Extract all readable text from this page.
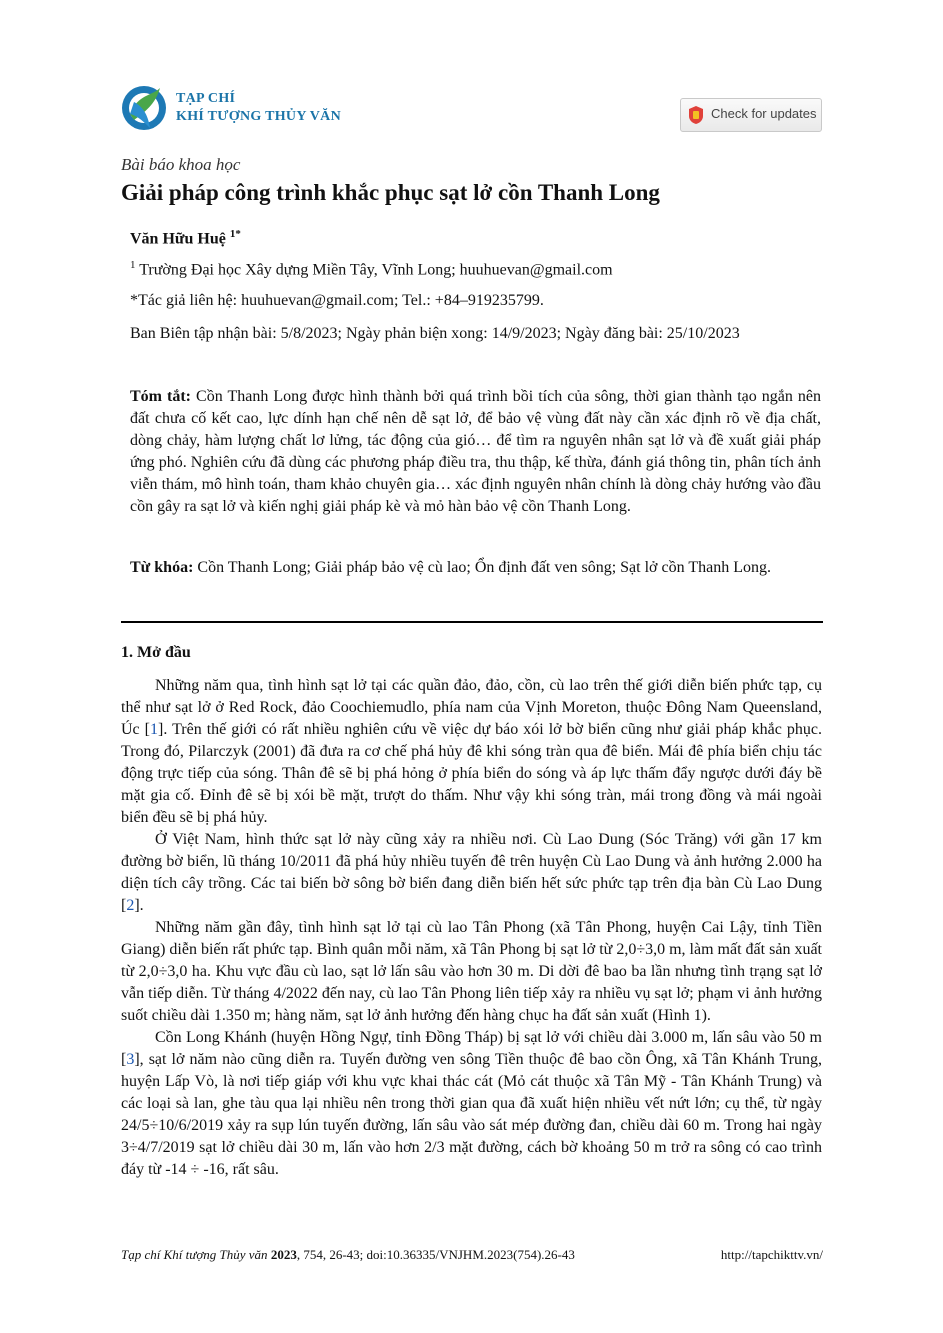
TẠP CHÍ
KHÍ TƯỢNG THỦY VĂN	Check for updates
Bài báo khoa học
Giải pháp công trình khắc phục sạt lở cồn Thanh Long
Văn Hữu Huệ $^{1*}$
$^1$ Trường Đại học Xây dựng Miền Tây, Vĩnh Long; huuhuevan@gmail.com
*Tác giả liên hệ: huuhuevan@gmail.com; Tel.: +84–919235799.
Ban Biên tập nhận bài: 5/8/2023; Ngày phản biện xong: 14/9/2023; Ngày đăng bài: 25/10/2023
Tóm tắt: Cồn Thanh Long được hình thành bởi quá trình bồi tích của sông, thời gian thành tạo ngắn nên đất chưa cố kết cao, lực dính hạn chế nên dễ sạt lở, để bảo vệ vùng đất này cần xác định rõ về địa chất, dòng chảy, hàm lượng chất lơ lửng, tác động của gió… để tìm ra nguyên nhân sạt lở và đề xuất giải pháp ứng phó. Nghiên cứu đã dùng các phương pháp điều tra, thu thập, kế thừa, đánh giá thông tin, phân tích ảnh viễn thám, mô hình toán, tham khảo chuyên gia… xác định nguyên nhân chính là dòng chảy hướng vào đầu cồn gây ra sạt lở và kiến nghị giải pháp kè và mỏ hàn bảo vệ cồn Thanh Long.
Từ khóa: Cồn Thanh Long; Giải pháp bảo vệ cù lao; Ổn định đất ven sông; Sạt lở cồn Thanh Long.
1. Mở đầu

Những năm qua, tình hình sạt lở tại các quần đảo, đảo, cồn, cù lao trên thế giới diễn biến phức tạp, cụ thể như sạt lở ở Red Rock, đảo Coochiemudlo, phía nam của Vịnh Moreton, thuộc Đông Nam Queensland, Úc [1]. Trên thế giới có rất nhiều nghiên cứu về việc dự báo xói lở bờ biển cũng như giải pháp khắc phục. Trong đó, Pilarczyk (2001) đã đưa ra cơ chế phá hủy đê khi sóng tràn qua đê biển. Mái đê phía biển chịu tác động trực tiếp của sóng. Thân đê sẽ bị phá hỏng ở phía biển do sóng và áp lực thấm đẩy ngược dưới đáy bề mặt gia cố. Đỉnh đê sẽ bị xói bề mặt, trượt do thấm. Như vậy khi sóng tràn, mái trong đồng và mái ngoài biển đều sẽ bị phá hủy.

Ở Việt Nam, hình thức sạt lở này cũng xảy ra nhiều nơi. Cù Lao Dung (Sóc Trăng) với gần 17 km đường bờ biển, lũ tháng 10/2011 đã phá hủy nhiều tuyến đê trên huyện Cù Lao Dung và ảnh hưởng 2.000 ha diện tích cây trồng. Các tai biến bờ sông bờ biển đang diễn biến hết sức phức tạp trên địa bàn Cù Lao Dung [2].

Những năm gần đây, tình hình sạt lở tại cù lao Tân Phong (xã Tân Phong, huyện Cai Lậy, tỉnh Tiền Giang) diễn biến rất phức tạp. Bình quân mỗi năm, xã Tân Phong bị sạt lở từ 2,0÷3,0 m, làm mất đất sản xuất từ 2,0÷3,0 ha. Khu vực đầu cù lao, sạt lở lấn sâu vào hơn 30 m. Di dời đê bao ba lần nhưng tình trạng sạt lở vẫn tiếp diễn. Từ tháng 4/2022 đến nay, cù lao Tân Phong liên tiếp xảy ra nhiều vụ sạt lở; phạm vi ảnh hưởng suốt chiều dài 1.350 m; hàng năm, sạt lở ảnh hưởng đến hàng chục ha đất sản xuất (Hình 1).

Cồn Long Khánh (huyện Hồng Ngự, tỉnh Đồng Tháp) bị sạt lở với chiều dài 3.000 m, lấn sâu vào 50 m [3], sạt lở năm nào cũng diễn ra. Tuyến đường ven sông Tiền thuộc đê bao cồn Ông, xã Tân Khánh Trung, huyện Lấp Vò, là nơi tiếp giáp với khu vực khai thác cát (Mỏ cát thuộc xã Tân Mỹ - Tân Khánh Trung) và các loại sà lan, ghe tàu qua lại nhiều nên trong thời gian qua đã xuất hiện nhiều vết nứt lớn; cụ thể, từ ngày 24/5÷10/6/2019 xảy ra sụp lún tuyến đường, lấn sâu vào sát mép đường đan, chiều dài 60 m. Trong hai ngày 3÷4/7/2019 sạt lở chiều dài 30 m, lấn vào hơn 2/3 mặt đường, cách bờ khoảng 50 m trở ra sông có cao trình đáy từ -14 ÷ -16, rất sâu.

Tạp chí Khí tượng Thủy văn 2023, 754, 26-43; doi:10.36335/VNJHM.2023(754).26-43	http://tapchikttv.vn/
